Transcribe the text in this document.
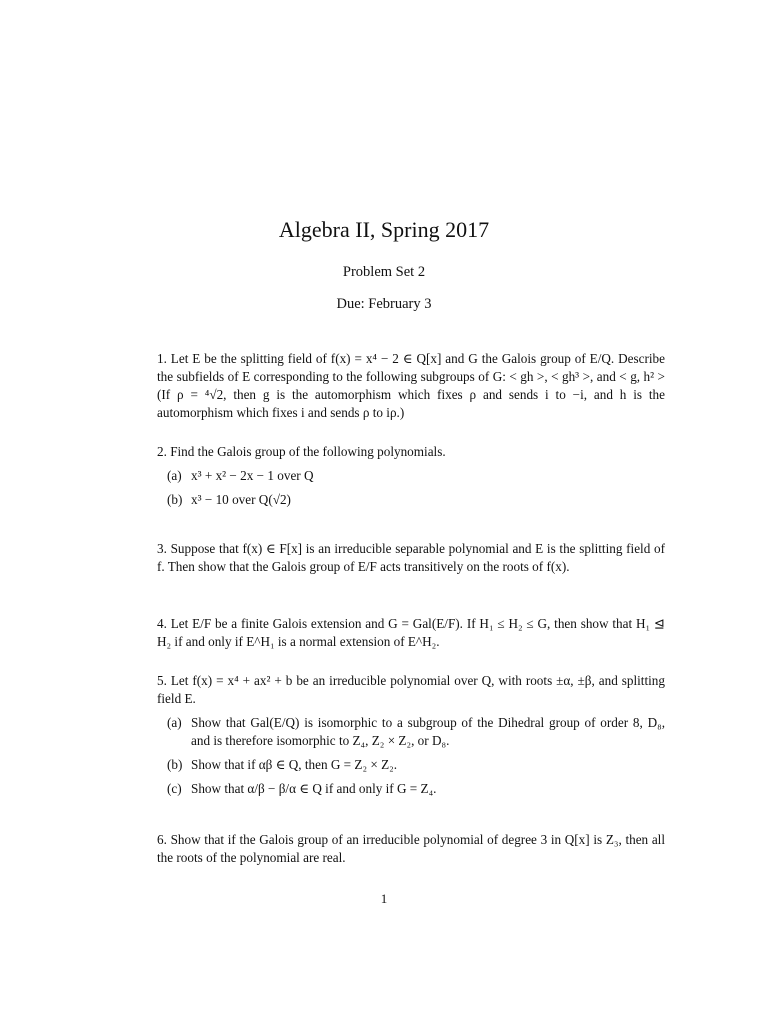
Algebra II, Spring 2017
Problem Set 2
Due: February 3

1. Let E be the splitting field of f(x) = x⁴ − 2 ∈ Q[x] and G the Galois group of E/Q. Describe the subfields of E corresponding to the following subgroups of G: < gh >, < gh³ >, and < g, h² > (If ρ = ⁴√2, then g is the automorphism which fixes ρ and sends i to −i, and h is the automorphism which fixes i and sends ρ to iρ.)

2. Find the Galois group of the following polynomials.

(a) x³ + x² − 2x − 1 over Q
(b) x³ − 10 over Q(√2)

3. Suppose that f(x) ∈ F[x] is an irreducible separable polynomial and E is the splitting field of f. Then show that the Galois group of E/F acts transitively on the roots of f(x).

4. Let E/F be a finite Galois extension and G = Gal(E/F). If H₁ ≤ H₂ ≤ G, then show that H₁ ⊴ H₂ if and only if E^H₁ is a normal extension of E^H₂.

5. Let f(x) = x⁴ + ax² + b be an irreducible polynomial over Q, with roots ±α, ±β, and splitting field E.

(a) Show that Gal(E/Q) is isomorphic to a subgroup of the Dihedral group of order 8, D₈, and is therefore isomorphic to Z₄, Z₂ × Z₂, or D₈.
(b) Show that if αβ ∈ Q, then G = Z₂ × Z₂.
(c) Show that α/β − β/α ∈ Q if and only if G = Z₄.

6. Show that if the Galois group of an irreducible polynomial of degree 3 in Q[x] is Z₃, then all the roots of the polynomial are real.

1
